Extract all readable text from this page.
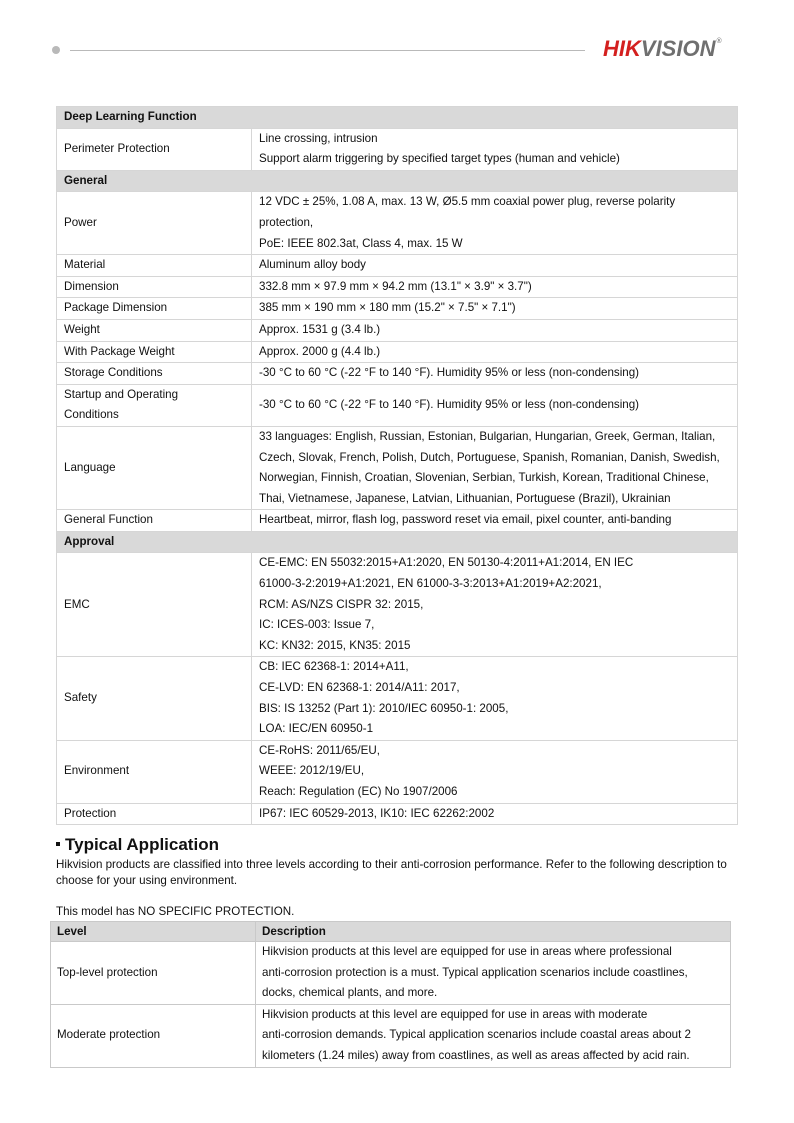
HIKVISION®
Deep Learning Function	

Perimeter Protection	Line crossing, intrusion
Support alarm triggering by specified target types (human and vehicle)

General	

Power	12 VDC ± 25%, 1.08 A, max. 13 W, Ø5.5 mm coaxial power plug, reverse polarity
protection,
PoE: IEEE 802.3at, Class 4, max. 15 W

Material	Aluminum alloy body

Dimension	332.8 mm × 97.9 mm × 94.2 mm (13.1" × 3.9" × 3.7")

Package Dimension	385 mm × 190 mm × 180 mm (15.2" × 7.5" × 7.1")

Weight	Approx. 1531 g (3.4 lb.)

With Package Weight	Approx. 2000 g (4.4 lb.)

Storage Conditions	-30 °C to 60 °C (-22 °F to 140 °F). Humidity 95% or less (non-condensing)

Startup and Operating
Conditions	-30 °C to 60 °C (-22 °F to 140 °F). Humidity 95% or less (non-condensing)

Language	33 languages: English, Russian, Estonian, Bulgarian, Hungarian, Greek, German, Italian,
Czech, Slovak, French, Polish, Dutch, Portuguese, Spanish, Romanian, Danish, Swedish,
Norwegian, Finnish, Croatian, Slovenian, Serbian, Turkish, Korean, Traditional Chinese,
Thai, Vietnamese, Japanese, Latvian, Lithuanian, Portuguese (Brazil), Ukrainian

General Function	Heartbeat, mirror, flash log, password reset via email, pixel counter, anti-banding

Approval	

EMC	CE-EMC: EN 55032:2015+A1:2020, EN 50130-4:2011+A1:2014, EN IEC
61000-3-2:2019+A1:2021, EN 61000-3-3:2013+A1:2019+A2:2021,
RCM: AS/NZS CISPR 32: 2015,
IC: ICES-003: Issue 7,
KC: KN32: 2015, KN35: 2015

Safety	CB: IEC 62368-1: 2014+A11,
CE-LVD: EN 62368-1: 2014/A11: 2017,
BIS: IS 13252 (Part 1): 2010/IEC 60950-1: 2005,
LOA: IEC/EN 60950-1

Environment	CE-RoHS: 2011/65/EU,
WEEE: 2012/19/EU,
Reach: Regulation (EC) No 1907/2006

Protection	IP67: IEC 60529-2013, IK10: IEC 62262:2002
Typical Application
Hikvision products are classified into three levels according to their anti-corrosion performance. Refer to the following description to choose for your using environment.
This model has NO SPECIFIC PROTECTION.
Level	Description
Top-level protection	Hikvision products at this level are equipped for use in areas where professional
anti-corrosion protection is a must. Typical application scenarios include coastlines,
docks, chemical plants, and more.

Moderate protection	Hikvision products at this level are equipped for use in areas with moderate
anti-corrosion demands. Typical application scenarios include coastal areas about 2
kilometers (1.24 miles) away from coastlines, as well as areas affected by acid rain.
